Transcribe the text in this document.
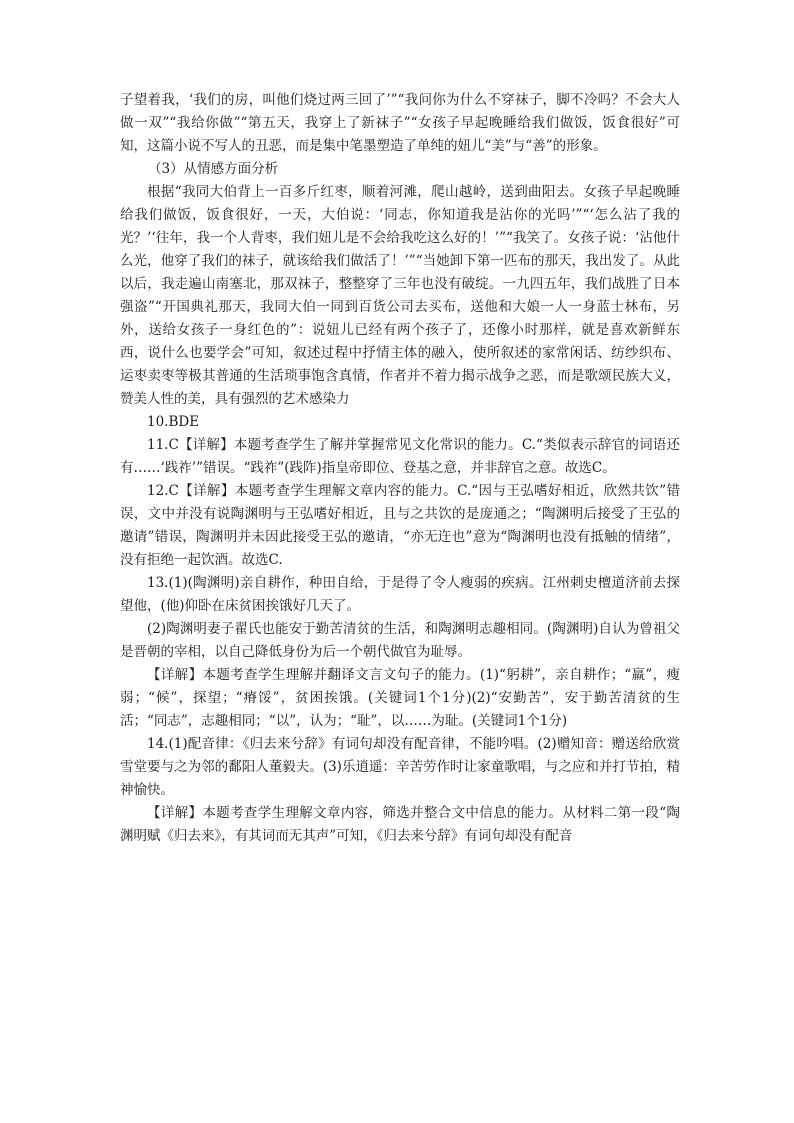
子望着我，‘我们的房，叫他们烧过两三回了’”“我问你为什么不穿袜子，脚不冷吗？不会大人做一双”“我给你做”“第五天，我穿上了新袜子”“女孩子早起晚睡给我们做饭，饭食很好”可知，这篇小说不写人的丑恶，而是集中笔墨塑造了单纯的妞儿“美”与“善”的形象。

（3）从情感方面分析

根据“我同大伯背上一百多斤红枣，顺着河滩，爬山越岭，送到曲阳去。女孩子早起晚睡给我们做饭，饭食很好，一天，大伯说：‘同志，你知道我是沾你的光吗’”“‘怎么沾了我的光？’‘往年，我一个人背枣，我们妞儿是不会给我吃这么好的！’”“我笑了。女孩子说：‘沾他什么光，他穿了我们的袜子，就该给我们做活了！’”“当她卸下第一匹布的那天，我出发了。从此以后，我走遍山南塞北，那双袜子，整整穿了三年也没有破绽。一九四五年，我们战胜了日本强盗”“开国典礼那天，我同大伯一同到百货公司去买布，送他和大娘一人一身蓝士林布，另外，送给女孩子一身红色的”：说妞儿已经有两个孩子了，还像小时那样，就是喜欢新鲜东西，说什么也要学会”可知，叙述过程中抒情主体的融入，使所叙述的家常闲话、纺纱织布、运枣卖枣等极其普通的生活琐事饱含真情，作者并不着力揭示战争之恶，而是歌颂民族大义，赞美人性的美，具有强烈的艺术感染力

10.BDE

11.C【详解】本题考查学生了解并掌握常见文化常识的能力。C.“类似表示辞官的词语还有……‘践祚’”错误。“践祚”(践阼)指皇帝即位、登基之意，并非辞官之意。故选C。

12.C【详解】本题考查学生理解文章内容的能力。C.“因与王弘嗜好相近，欣然共饮”错误，文中并没有说陶渊明与王弘嗜好相近，且与之共饮的是庞通之；“陶渊明后接受了王弘的邀请”错误，陶渊明并未因此接受王弘的邀请，“亦无迕也”意为“陶渊明也没有抵触的情绪”，没有拒绝一起饮酒。故选C.

13.(1)(陶渊明)亲自耕作，种田自给，于是得了令人瘦弱的疾病。江州刺史檀道济前去探望他，(他)仰卧在床贫困挨饿好几天了。

(2)陶渊明妻子翟氏也能安于勤苦清贫的生活，和陶渊明志趣相同。(陶渊明)自认为曾祖父是晋朝的宰相，以自己降低身份为后一个朝代做官为耻辱。

【详解】本题考查学生理解并翻译文言文句子的能力。(1)“躬耕”，亲自耕作；“羸”，瘦弱；“候”，探望；“瘠馁”，贫困挨饿。(关键词1个1分)(2)“安勤苦”，安于勤苦清贫的生活；“同志”，志趣相同；“以”，认为；“耻”，以……为耻。(关键词1个1分)

14.(1)配音律：《归去来兮辞》有词句却没有配音律，不能吟唱。(2)赠知音：赠送给欣赏雪堂要与之为邻的鄱阳人董毅夫。(3)乐逍遥：辛苦劳作时让家童歌唱，与之应和并打节拍，精神愉快。

【详解】本题考查学生理解文章内容，筛选并整合文中信息的能力。从材料二第一段“陶渊明赋《归去来》，有其词而无其声”可知，《归去来兮辞》有词句却没有配音
